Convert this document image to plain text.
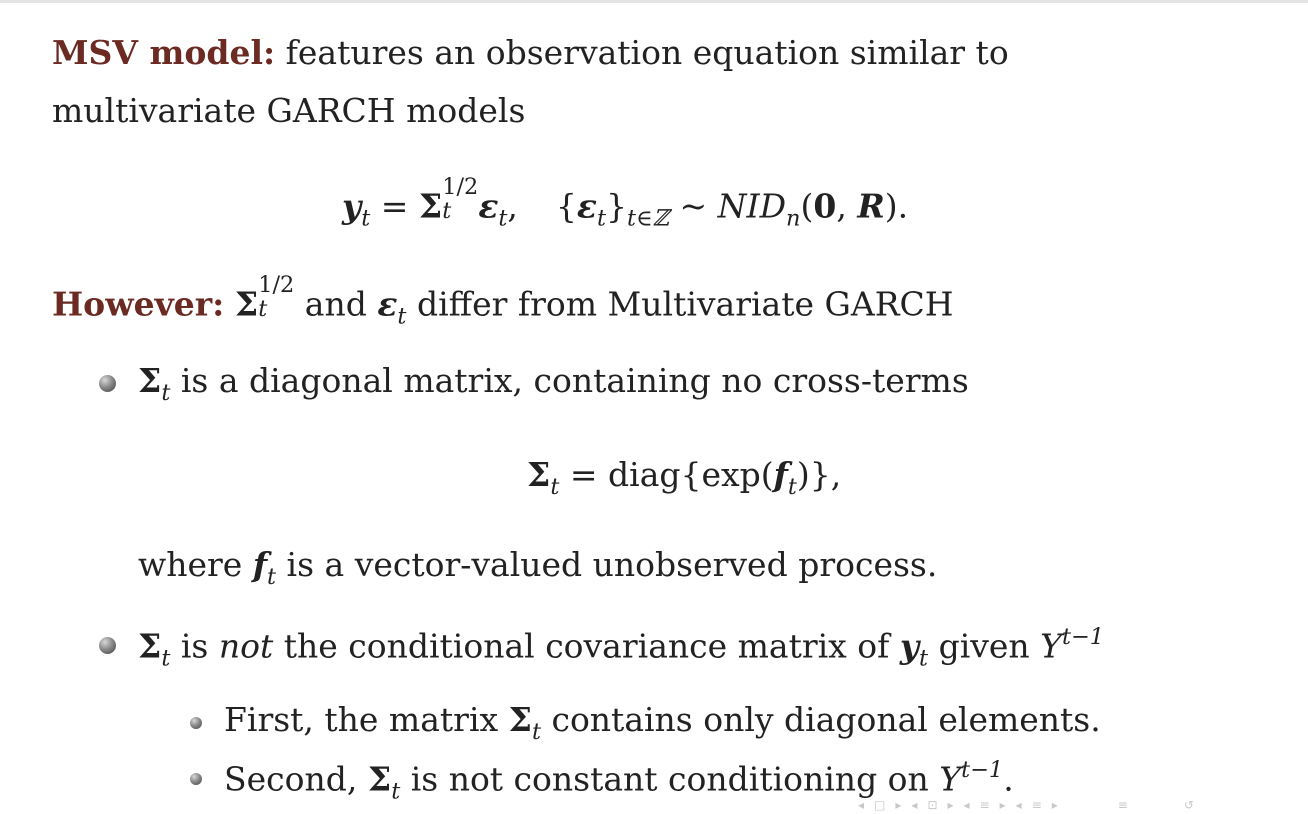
MSV model: features an observation equation similar to
multivariate GARCH models
$y_t = \Sigma$ 1/2
t $\varepsilon_t$, $\{\varepsilon_t\}_{t\in ℤ}$ ~ $NID_n(0$, R).
However: Σ 1/2
t and $\varepsilon_t$ differ from Multivariate GARCH
$\Sigma_t$ is a diagonal matrix, containing no cross-terms
$\Sigma_t$ = $diag\{\exp(f_t)\}$,
where $f_t$ is a vector-valued unobserved process.
$\Sigma_t$ is not the conditional covariance matrix of $y_t$ given $Y^{t-1}$
First, the matrix $\Sigma_t$ contains only diagonal elements.
Second, $\Sigma_t$ is not constant conditioning on $Y^{t-1}$.
◂ □ ▸ ◂ ⊡ ▸ ◂ ≡ ▸ ◂ ≡ ▸	≡	↺
